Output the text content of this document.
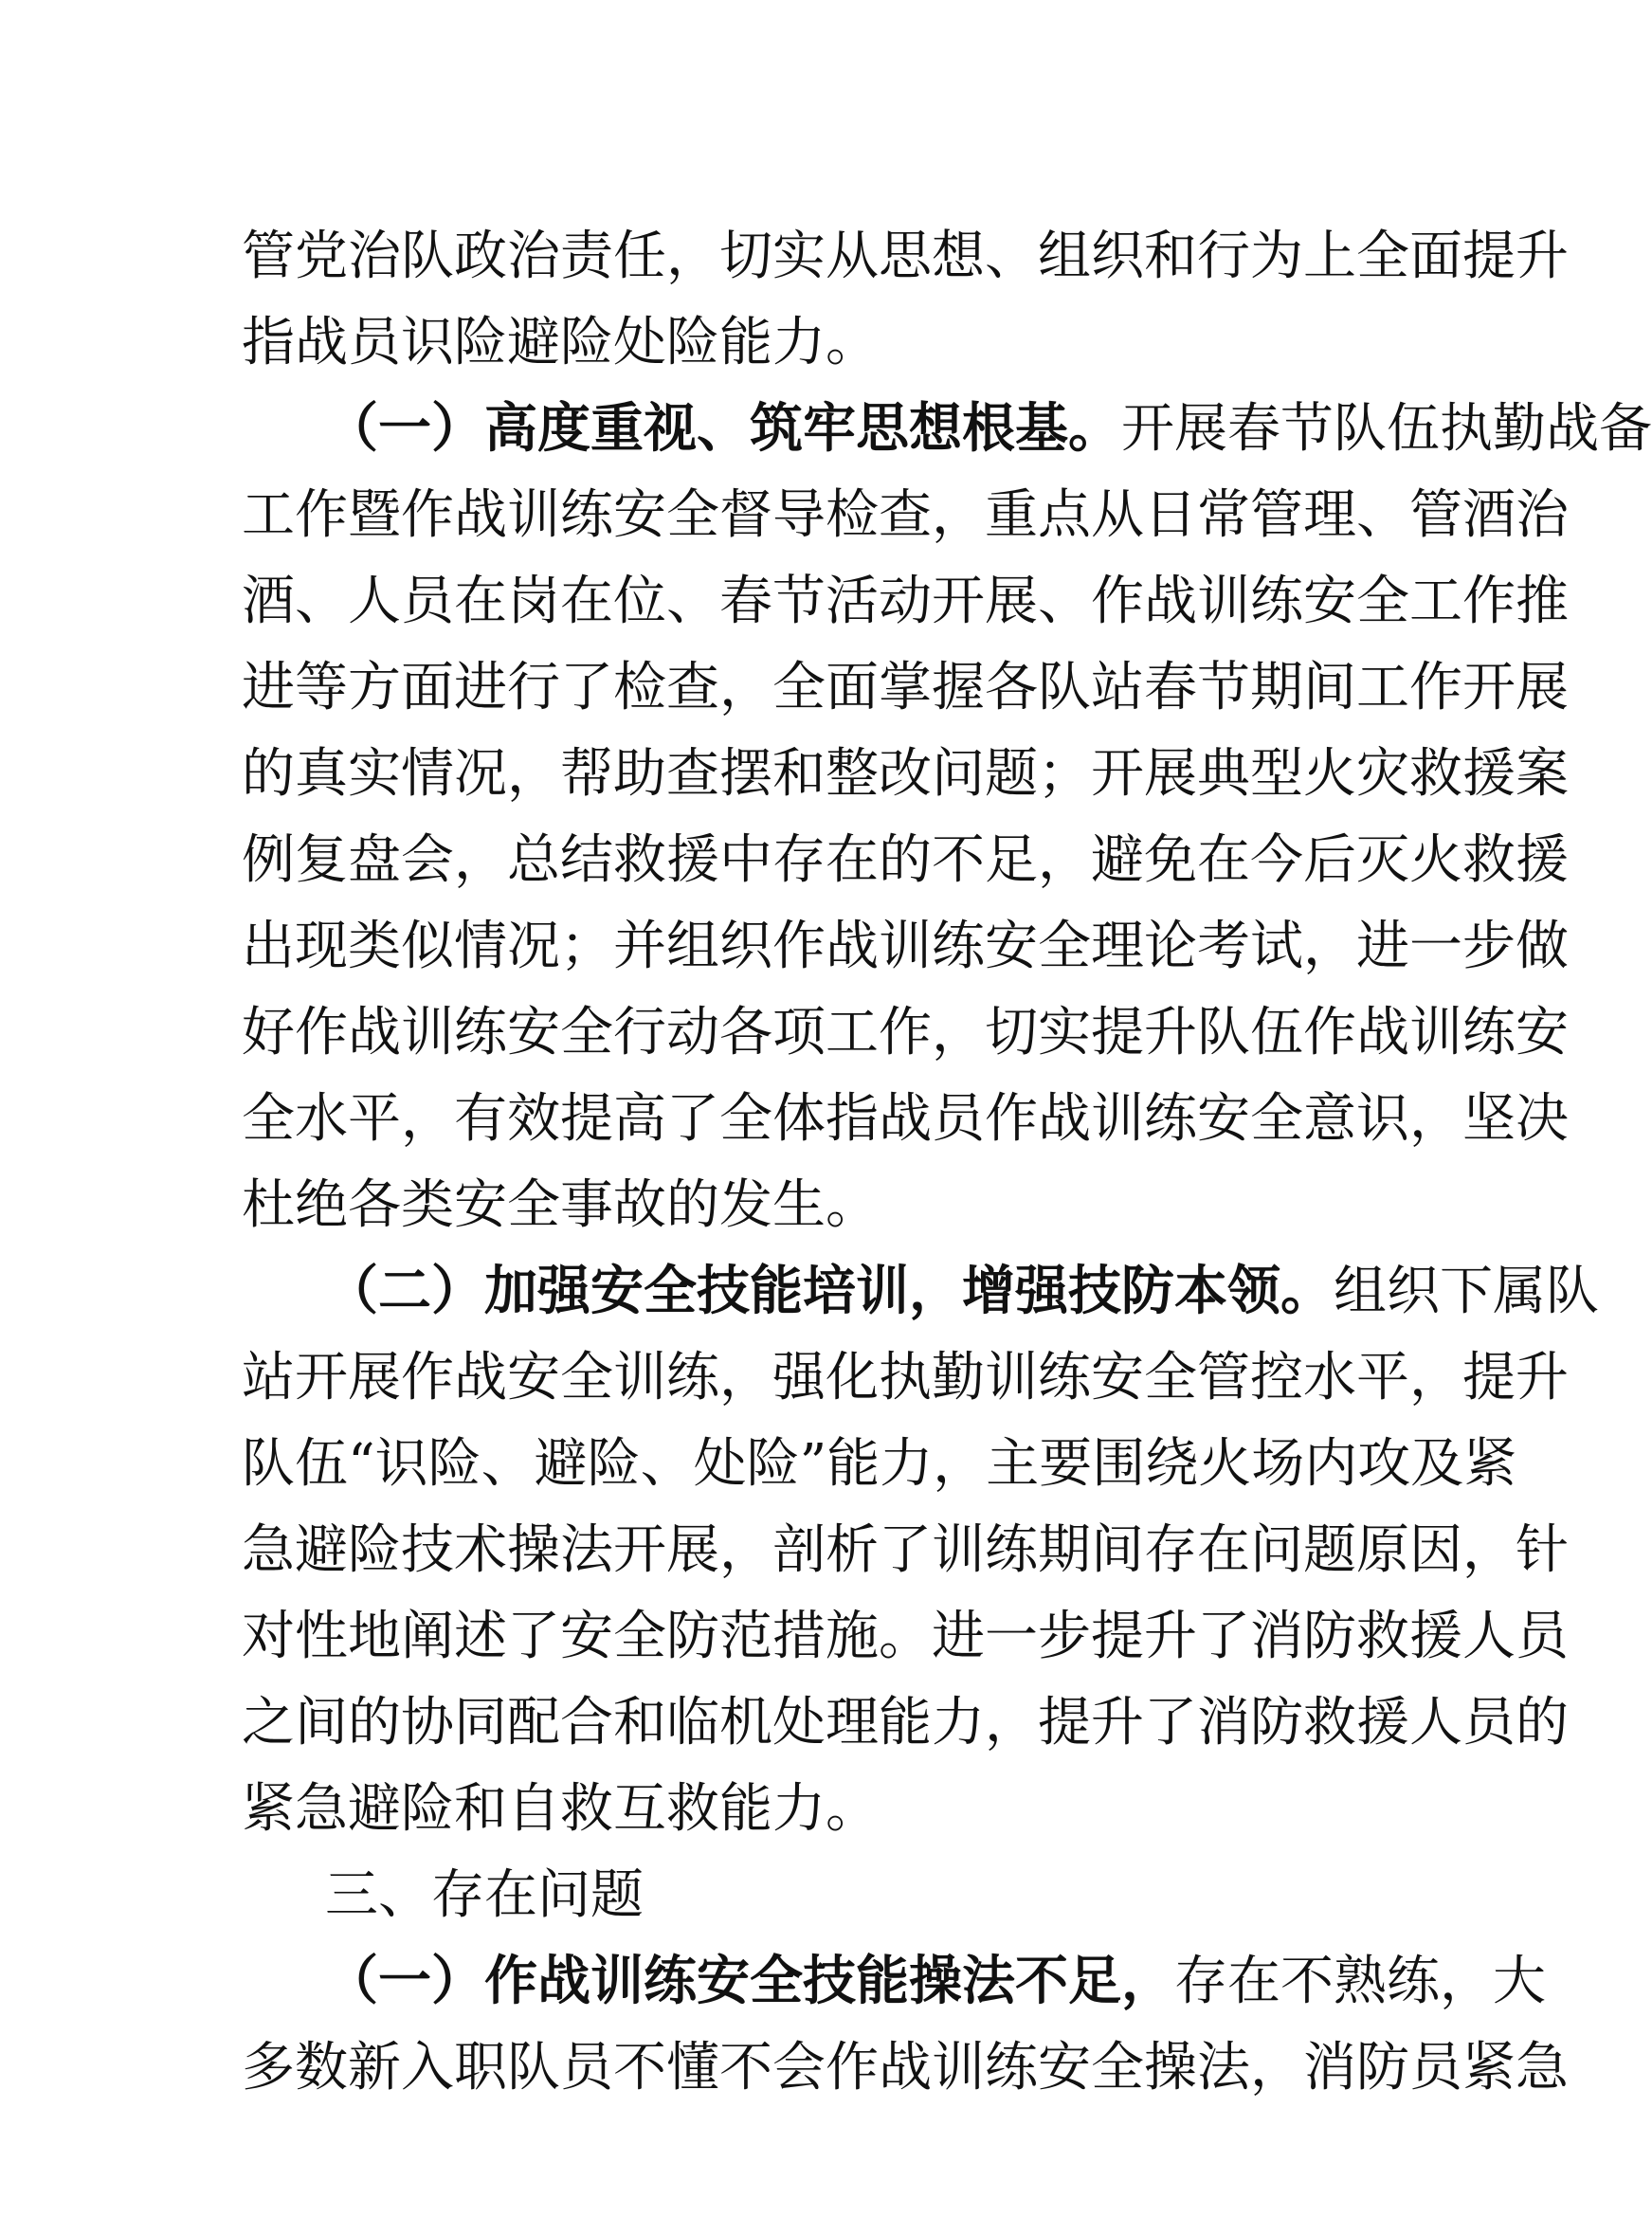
管党治队政治责任，切实从思想、组织和行为上全面提升
指战员识险避险处险能力。
（一）高度重视、筑牢思想根基。开展春节队伍执勤战备
工作暨作战训练安全督导检查，重点从日常管理、管酒治
酒、人员在岗在位、春节活动开展、作战训练安全工作推
进等方面进行了检查，全面掌握各队站春节期间工作开展
的真实情况，帮助查摆和整改问题；开展典型火灾救援案
例复盘会，总结救援中存在的不足，避免在今后灭火救援
出现类似情况；并组织作战训练安全理论考试，进一步做
好作战训练安全行动各项工作，切实提升队伍作战训练安
全水平，有效提高了全体指战员作战训练安全意识，坚决
杜绝各类安全事故的发生。
（二）加强安全技能培训，增强技防本领。组织下属队
站开展作战安全训练，强化执勤训练安全管控水平，提升
队伍“识险、避险、处险”能力，主要围绕火场内攻及紧
急避险技术操法开展，剖析了训练期间存在问题原因，针
对性地阐述了安全防范措施。进一步提升了消防救援人员
之间的协同配合和临机处理能力，提升了消防救援人员的
紧急避险和自救互救能力。
三、存在问题
（一）作战训练安全技能操法不足，存在不熟练，大
多数新入职队员不懂不会作战训练安全操法，消防员紧急
